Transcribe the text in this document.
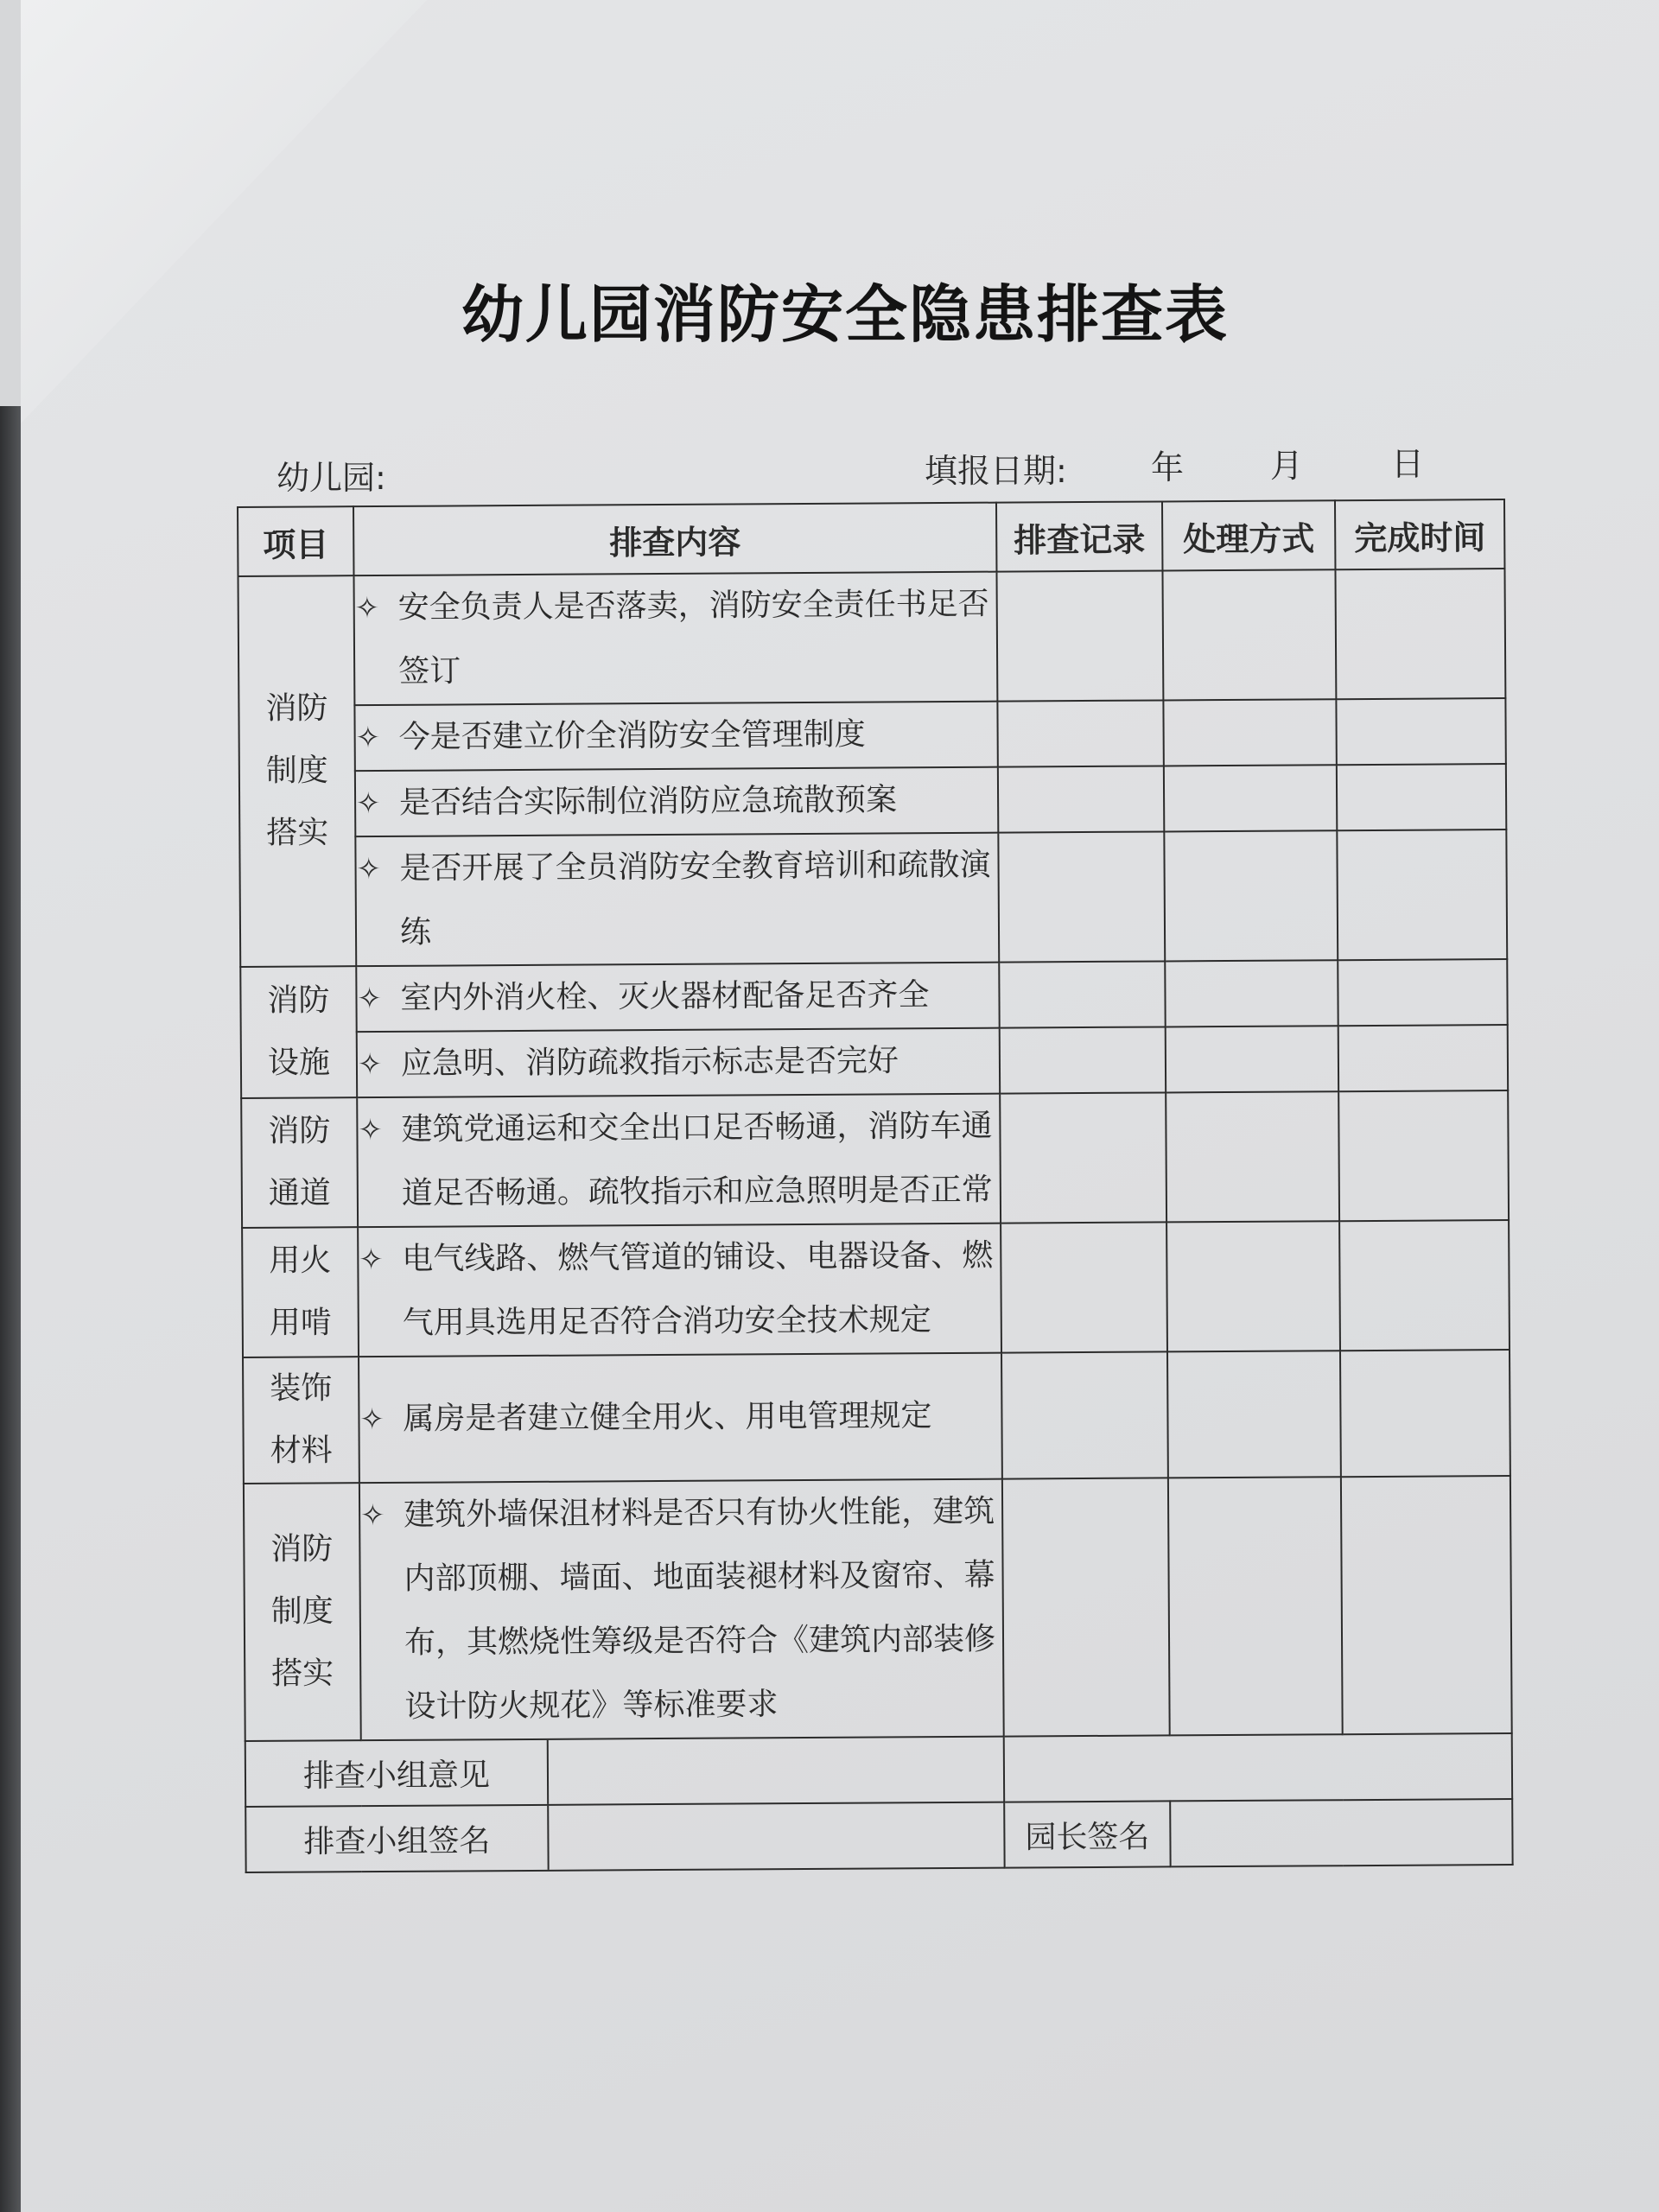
幼儿园消防安全隐患排查表
幼儿园:	填报日期:	年	月	日
项目	排查内容	排查记录	处理方式	完成时间
消防
制度
搭实	✧ 安全负责人是否落卖，消防安全责任书足否签订			

	✧ 今是否建立价全消防安全管理制度			

	✧ 是否结合实际制位消防应急琉散预案			

	✧ 是否开展了全员消防安全教育培训和疏散演练			

消防
设施	✧ 室内外消火栓、灭火器材配备足否齐全			

	✧ 应急明、消防疏救指示标志是否完好			

消防
通道	✧ 建筑党通运和交全出口足否畅通，消防车通道足否畅通。疏牧指示和应急照明是否正常			

用火
用啃	✧ 电气线路、燃气管道的铺设、电器设备、燃气用具选用足否符合消功安全技术规定			

装饰
材料	✧ 属房是者建立健全用火、用电管理规定			

消防
制度
搭实	✧ 建筑外墙保沮材料是否只有协火性能，建筑内部顶棚、墙面、地面装褪材料及窗帘、幕布，其燃烧性筹级是否符合《建筑内部装修设计防火规花》等标准要求			

排查小组意见				

排查小组签名		园长签名		
